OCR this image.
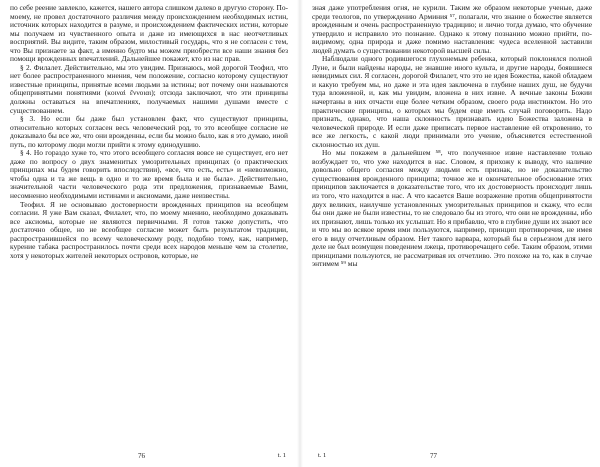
по себе реение завлекло, кажется, нашего автора слишком далеко в другую сторону. По-моему, не провел достаточного различия между происхождением необходимых истин, источник которых находится в разуме, и происхождением фактических истин, которые мы получаем из чувственного опыта и даже из имеющихся в нас неотчетливых восприятий. Вы видите, таким образом, милостивый государь, что я не согласен с тем, что Вы признаете за факт, а именно будто мы можем приобрести все наши знания без помощи врожденных впечатлений. Дальнейшее покажет, кто из нас прав.

§ 2. Филалет. Действительно, мы это увидим. Признаюсь, мой дорогой Теофил, что нет более распространенного мнения, чем положение, согласно которому существуют известные принципы, принятые всеми людьми за истины; вот почему они называются общепринятыми понятиями (κοιναὶ ἔννοιαι); отсюда заключают, что эти принципы должны оставаться на впечатлениях, получаемых нашими душами вместе с существованием.

§ 3. Но если бы даже был установлен факт, что существуют принципы, относительно которых согласен весь человеческий род, то это всеобщее согласие не доказывало бы все же, что они врожденны, если бы можно было, как я это думаю, иной путь, по которому люди могли прийти к этому единодушию.

§ 4. Но гораздо хуже то, что этого всеобщего согласия вовсе не существует, его нет даже по вопросу о двух знаменитых умозрительных принципах (о практических принципах мы будем говорить впоследствии), «все, что есть, есть» и «невозможно, чтобы одна и та же вещь в одно и то же время была и не была». Действительно, значительной части человеческого рода эти предложения, признаваемые Вами, несомненно необходимыми истинами и аксиомами, даже неизвестны.

Теофил. Я не основываю достоверности врожденных принципов на всеобщем согласии. Я уже Вам сказал, Филалет, что, по моему мнению, необходимо доказывать все аксиомы, которые не являются первичными. Я готов также допустить, что достаточно общее, но не всеобщее согласие может быть результатом традиции, распространившейся по всему человеческому роду, подобно тому, как, например, курение табака распространилось почти среди всех народов меньше чем за столетие, хотя у некоторых жителей некоторых островов, которые, не

76	t. 1

зная даже употребления огня, не курили. Таким же образом некоторые ученые, даже среди теологов, по утверждению Арминия ⁵⁷, полагали, что знание о божестве является врожденным и очень распространенную традицию; и лично тогда думаю, что обучение утвердило и исправило это познание. Однако к этому познанию можно прийти, по-видимому, одна природа и даже помимо наставления: чудеса вселенной заставили людей думать о существовании некоторой высшей силы.

Наблюдали одного родившегося глухонемым ребенка, который поклонялся полной Луне, и были найдены народы, не знавшие иного культа, и другие народы, боявшиеся невидимых сил. Я согласен, дорогой Филалет, что это не идея Божества, какой обладаем и какую требуем мы, но даже и эта идея заключена в глубине наших душ, не будучи туда вложенной, и, как мы увидим, вложена в них извне. А вечные законы Божии начертаны в них отчасти еще более четким образом, своего рода инстинктом. Но это практические принципы, о которых мы будем еще иметь случай поговорить. Надо признать, однако, что наша склонность признавать идею Божества заложена в человеческой природе. И если даже приписать первое наставление ей откровению, то все же легкость, с какой люди принимали это учение, объясняется естественной склонностью их душ.

Но мы покажем в дальнейшем ⁵⁸, что полученное извне наставление только возбуждает то, что уже находится в нас. Словом, я прихожу к выводу, что наличие довольно общего согласия между людьми есть признак, но не доказательство существования врожденного принципа; точное же и окончательное обоснование этих принципов заключается в доказательстве того, что их достоверность происходит лишь из того, что находится в нас. А что касается Ваше возражение против общепринятости двух великих, наилучше установленных умозрительных принципов и скажу, что если бы они даже не были известны, то не следовало бы из этого, что они не врожденны, ибо их признают, лишь только их услышат. Но я прибавлю, что в глубине души их знают все и что мы во всякое время ими пользуются, например, принцип противоречия, не имея его в виду отчетливым образом. Нет такого варвара, который бы в серьезном для него деле не был возмущен поведением лжеца, противоречащего себе. Таким образом, этими принципами пользуются, не рассматривая их отчетливо. Это похоже на то, как в случае энтимем ⁵⁹ мы

t. 1	77
